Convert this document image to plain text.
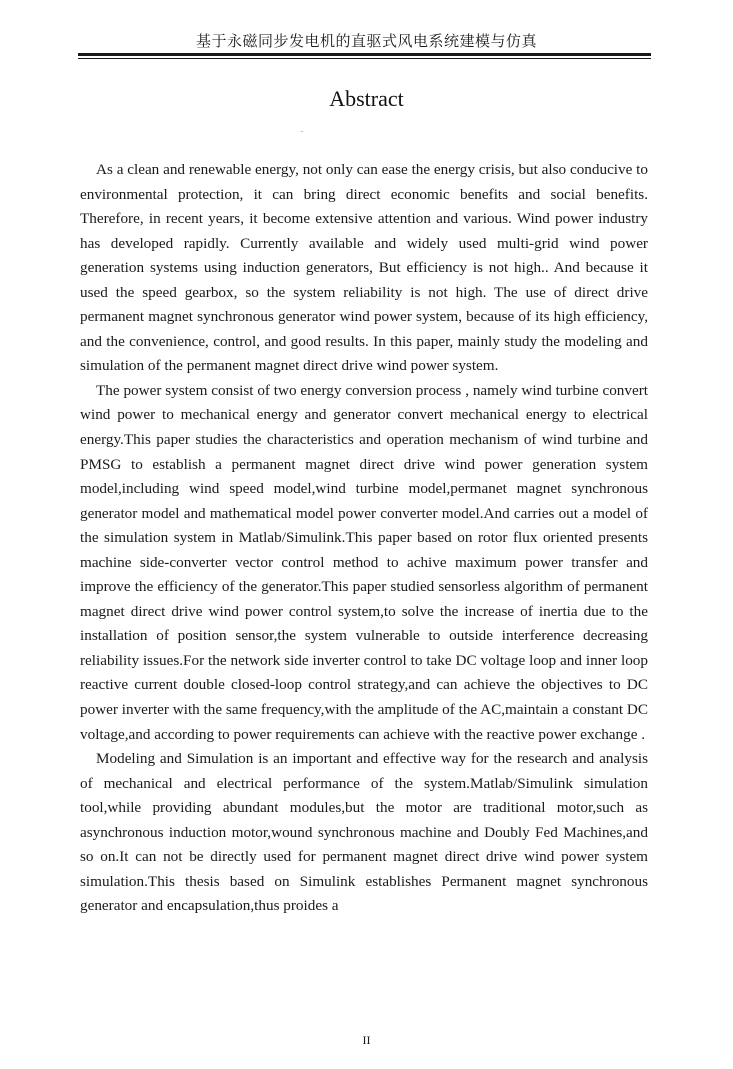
基于永磁同步发电机的直驱式风电系统建模与仿真
Abstract

As a clean and renewable energy, not only can ease the energy crisis, but also conducive to environmental protection, it can bring direct economic benefits and social benefits. Therefore, in recent years, it become extensive attention and various. Wind power industry has developed rapidly. Currently available and widely used multi-grid wind power generation systems using induction generators, But efficiency is not high.. And because it used the speed gearbox, so the system reliability is not high. The use of direct drive permanent magnet synchronous generator wind power system, because of its high efficiency, and the convenience, control, and good results. In this paper, mainly study the modeling and simulation of the permanent magnet direct drive wind power system.

The power system consist of two energy conversion process , namely wind turbine convert wind power to mechanical energy and generator convert mechanical energy to electrical energy.This paper studies the characteristics and operation mechanism of wind turbine and PMSG to establish a permanent magnet direct drive wind power generation system model,including wind speed model,wind turbine model,permanet magnet synchronous generator model and mathematical model power converter model.And carries out a model of the simulation system in Matlab/Simulink.This paper based on rotor flux oriented presents machine side-converter vector control method to achive maximum power transfer and improve the efficiency of the generator.This paper studied sensorless algorithm of permanent magnet direct drive wind power control system,to solve the increase of inertia due to the installation of position sensor,the system vulnerable to outside interference decreasing reliability issues.For the network side inverter control to take DC voltage loop and inner loop reactive current double closed-loop control strategy,and can achieve the objectives to DC power inverter with the same frequency,with the amplitude of the AC,maintain a constant DC voltage,and according to power requirements can achieve with the reactive power exchange .

Modeling and Simulation is an important and effective way for the research and analysis of mechanical and electrical performance of the system.Matlab/Simulink simulation tool,while providing abundant modules,but the motor are traditional motor,such as asynchronous induction motor,wound synchronous machine and Doubly Fed Machines,and so on.It can not be directly used for permanent magnet direct drive wind power system simulation.This thesis based on Simulink establishes Permanent magnet synchronous generator and encapsulation,thus proides a

II
